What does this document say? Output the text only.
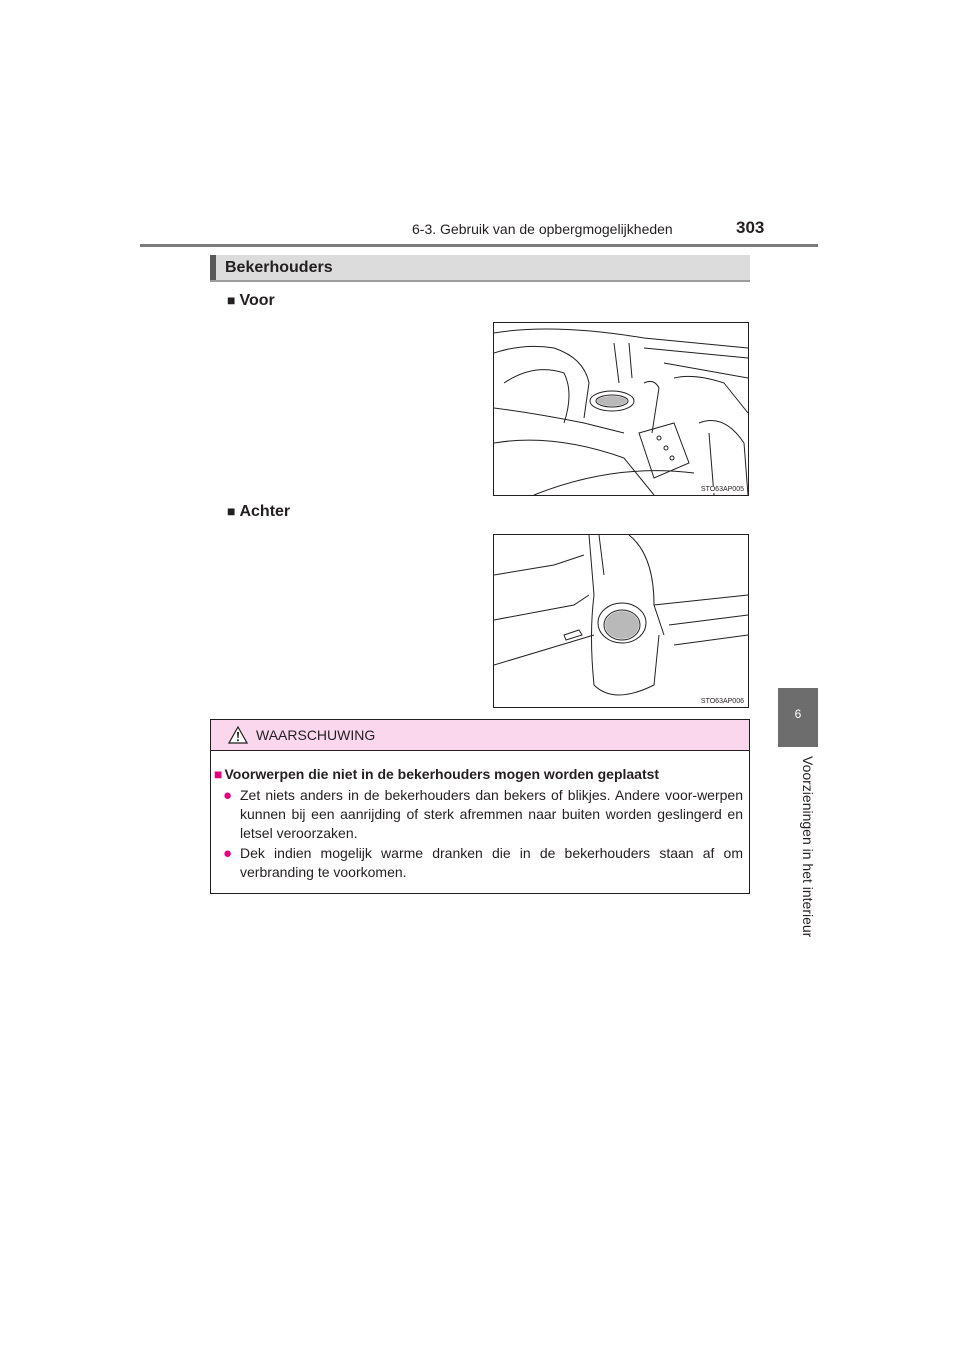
6-3. Gebruik van de opbergmogelijkheden	303
6
Voorzieningen in het interieur
Bekerhouders
■ Voor
STO63AP005
■ Achter
STO63AP006
WAARSCHUWING
■ Voorwerpen die niet in de bekerhouders mogen worden geplaatst
● Zet niets anders in de bekerhouders dan bekers of blikjes. Andere voor-werpen kunnen bij een aanrijding of sterk afremmen naar buiten worden geslingerd en letsel veroorzaken.
● Dek indien mogelijk warme dranken die in de bekerhouders staan af om verbranding te voorkomen.
